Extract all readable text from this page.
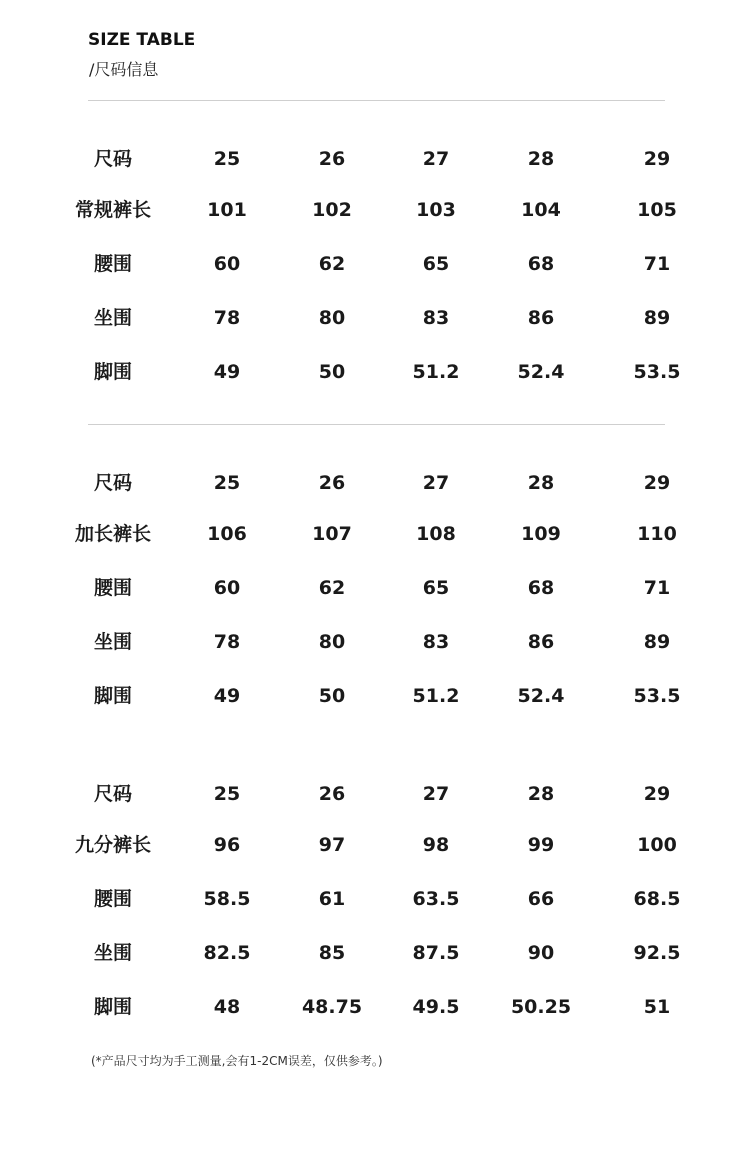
SIZE TABLE
/尺码信息
尺码	25	26	27	28	29
常规裤长	101	102	103	104	105
腰围	60	62	65	68	71
坐围	78	80	83	86	89
脚围	49	50	51.2	52.4	53.5
尺码	25	26	27	28	29
加长裤长	106	107	108	109	110
腰围	60	62	65	68	71
坐围	78	80	83	86	89
脚围	49	50	51.2	52.4	53.5
尺码	25	26	27	28	29
九分裤长	96	97	98	99	100
腰围	58.5	61	63.5	66	68.5
坐围	82.5	85	87.5	90	92.5
脚围	48	48.75	49.5	50.25	51
(*产品尺寸均为手工测量,会有1-2CM误差，仅供参考。)
